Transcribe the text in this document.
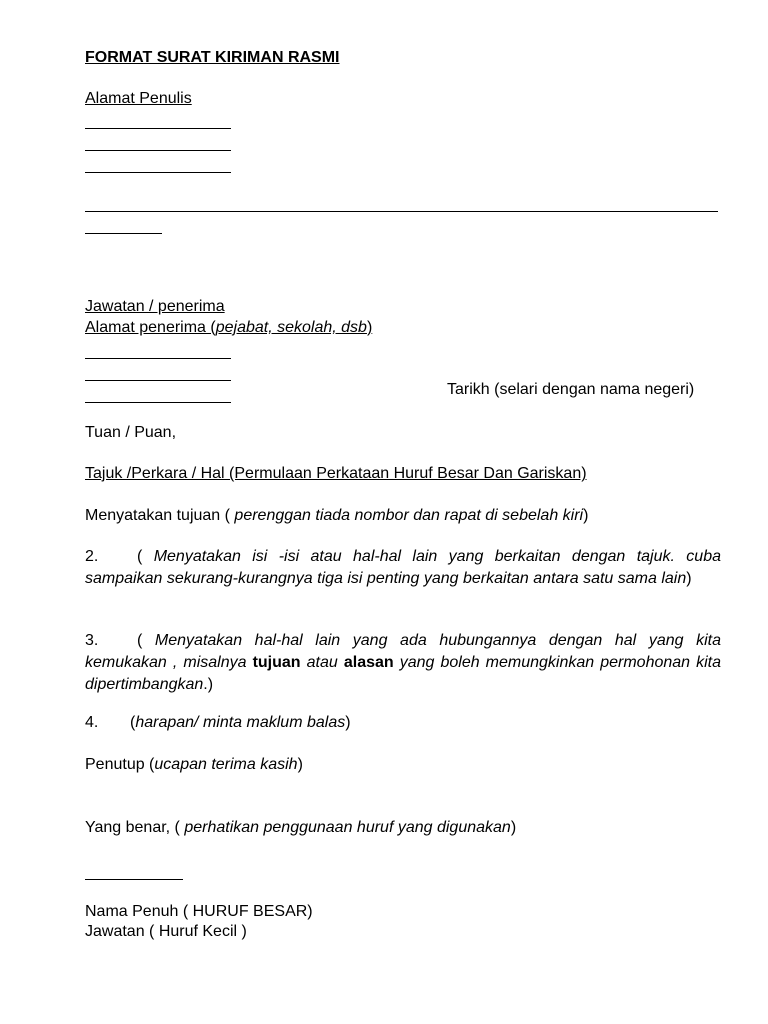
FORMAT SURAT KIRIMAN RASMI
Alamat Penulis
Jawatan / penerima
Alamat penerima (pejabat, sekolah, dsb)
Tarikh (selari dengan nama negeri)
Tuan / Puan,
Tajuk /Perkara / Hal (Permulaan Perkataan Huruf Besar Dan Gariskan)
Menyatakan tujuan ( perenggan tiada nombor dan rapat di sebelah kiri)
2. ( Menyatakan isi -isi atau hal-hal lain yang berkaitan dengan tajuk. cuba sampaikan sekurang-kurangnya tiga isi penting yang berkaitan antara satu sama lain)
3. ( Menyatakan hal-hal lain yang ada hubungannya dengan hal yang kita kemukakan , misalnya tujuan atau alasan yang boleh memungkinkan permohonan kita dipertimbangkan.)
4. (harapan/ minta maklum balas)
Penutup (ucapan terima kasih)
Yang benar, ( perhatikan penggunaan huruf yang digunakan)
Nama Penuh ( HURUF BESAR)
Jawatan ( Huruf Kecil )
